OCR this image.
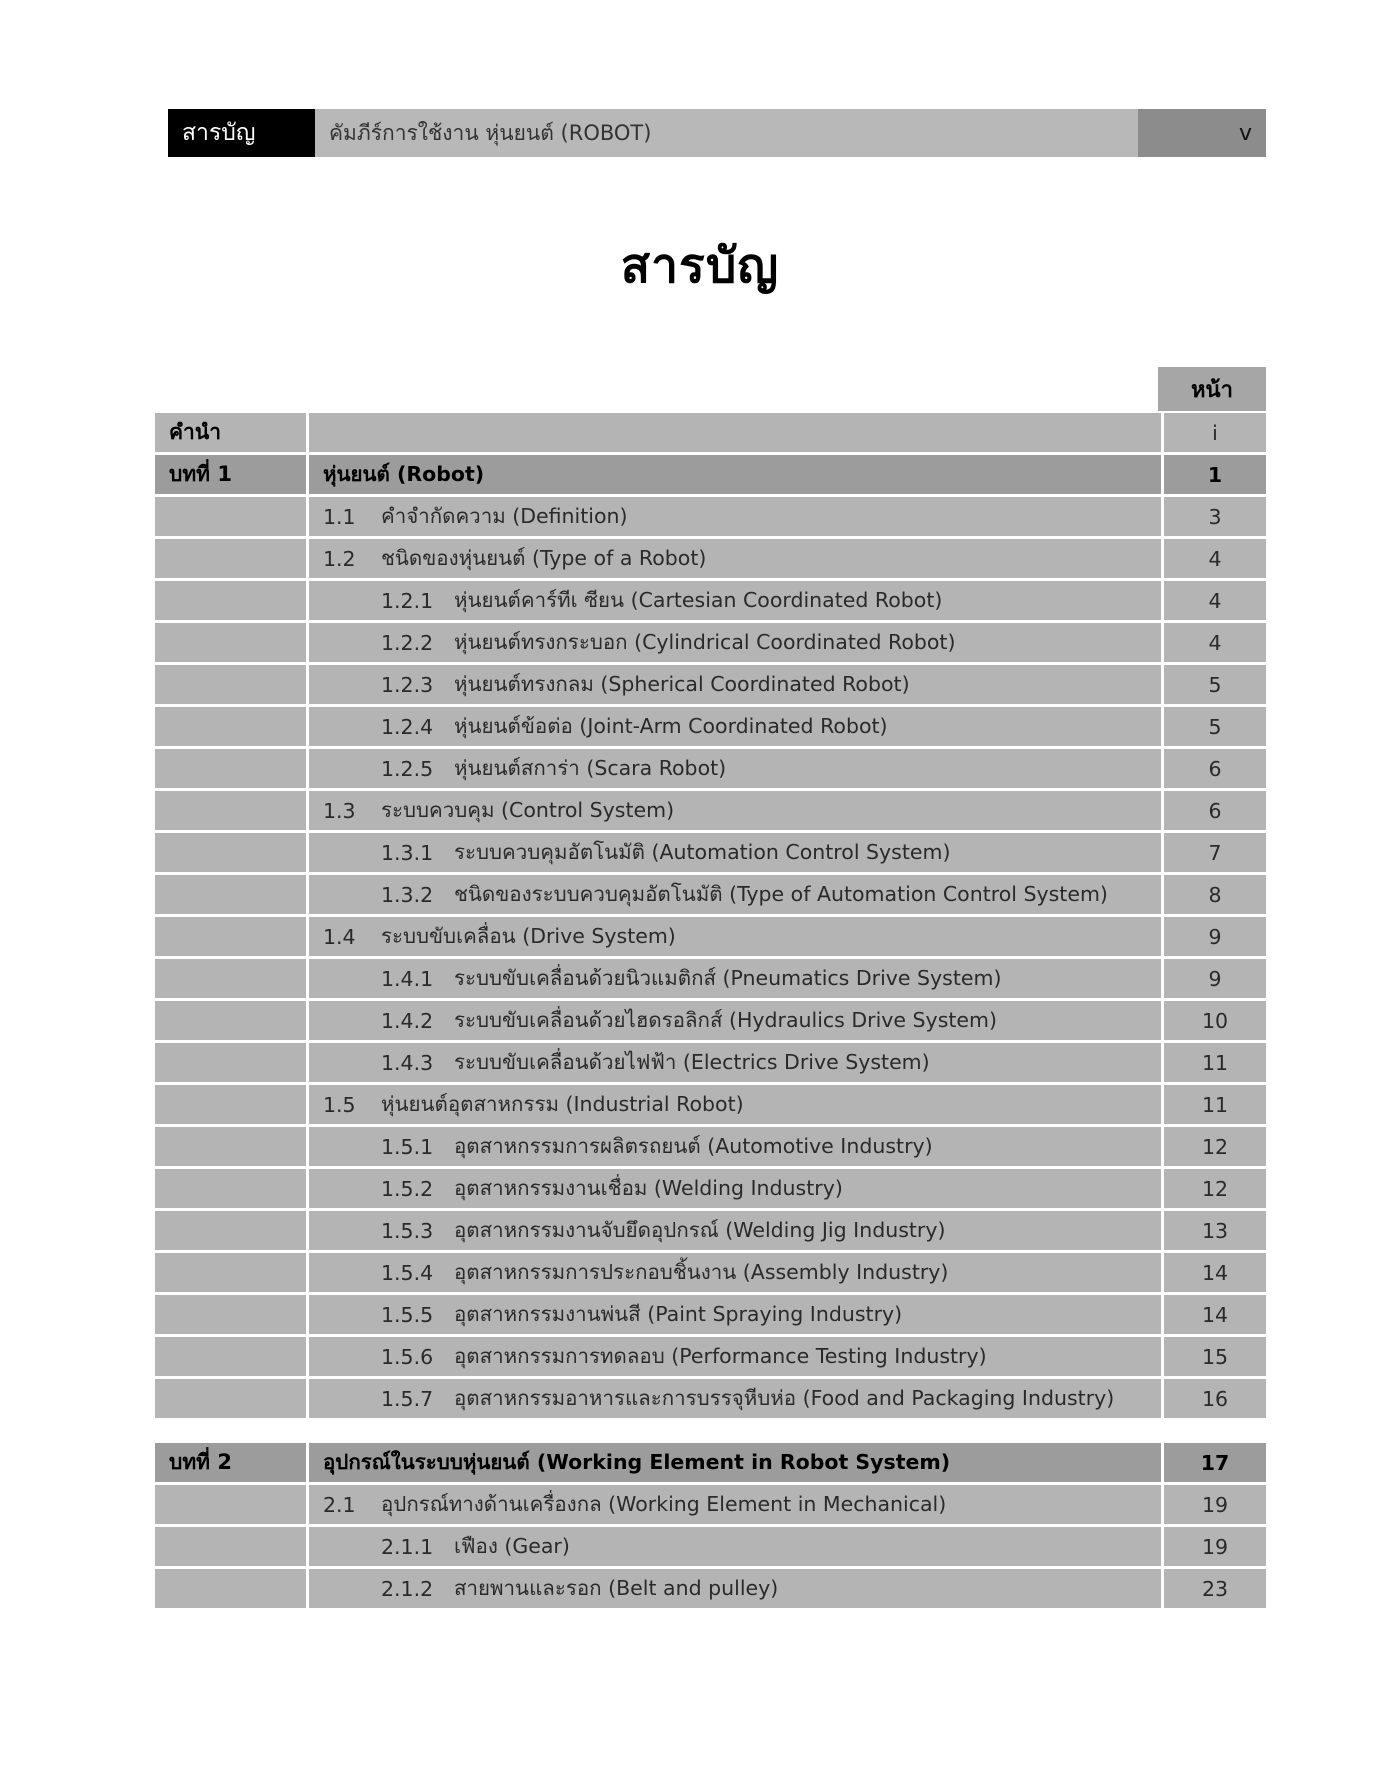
สารบัญ	คัมภีร์การใช้งาน หุ่นยนต์ (ROBOT)	v
สารบัญ
หน้า
คำนำ	i
บทที่ 1	หุ่นยนต์ (Robot)	1
1.1	คำจำกัดความ (Definition)	3
1.2	ชนิดของหุ่นยนต์ (Type of a Robot)	4
1.2.1	หุ่นยนต์คาร์ทีเ ซียน (Cartesian Coordinated Robot)	4
1.2.2	หุ่นยนต์ทรงกระบอก (Cylindrical Coordinated Robot)	4
1.2.3	หุ่นยนต์ทรงกลม (Spherical Coordinated Robot)	5
1.2.4	หุ่นยนต์ข้อต่อ (Joint-Arm Coordinated Robot)	5
1.2.5	หุ่นยนต์สการ่า (Scara Robot)	6
1.3	ระบบควบคุม (Control System)	6
1.3.1	ระบบควบคุมอัตโนมัติ (Automation Control System)	7
1.3.2	ชนิดของระบบควบคุมอัตโนมัติ (Type of Automation Control System)	8
1.4	ระบบขับเคลื่อน (Drive System)	9
1.4.1	ระบบขับเคลื่อนด้วยนิวแมติกส์ (Pneumatics Drive System)	9
1.4.2	ระบบขับเคลื่อนด้วยไฮดรอลิกส์ (Hydraulics Drive System)	10
1.4.3	ระบบขับเคลื่อนด้วยไฟฟ้า (Electrics Drive System)	11
1.5	หุ่นยนต์อุตสาหกรรม (Industrial Robot)	11
1.5.1	อุตสาหกรรมการผลิตรถยนต์ (Automotive Industry)	12
1.5.2	อุตสาหกรรมงานเชื่อม (Welding Industry)	12
1.5.3	อุตสาหกรรมงานจับยึดอุปกรณ์ (Welding Jig Industry)	13
1.5.4	อุตสาหกรรมการประกอบชิ้นงาน (Assembly Industry)	14
1.5.5	อุตสาหกรรมงานพ่นสี (Paint Spraying Industry)	14
1.5.6	อุตสาหกรรมการทดลอบ (Performance Testing Industry)	15
1.5.7	อุตสาหกรรมอาหารและการบรรจุหีบห่อ (Food and Packaging Industry)	16
บทที่ 2	อุปกรณ์ในระบบหุ่นยนต์ (Working Element in Robot System)	17
2.1	อุปกรณ์ทางด้านเครื่องกล (Working Element in Mechanical)	19
2.1.1	เฟือง (Gear)	19
2.1.2	สายพานและรอก (Belt and pulley)	23
